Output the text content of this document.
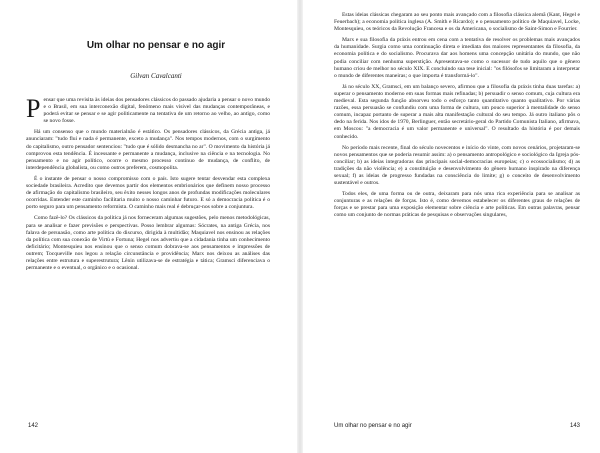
Um olhar no pensar e no agir
Gilvan Cavalcanti

Pensar que uma revisita às ideias dos pensadores clássicos do passado ajudaria a pensar o novo mundo e o Brasil, em sua interconexão digital, fenômeno mais visível das mudanças contemporâneas, e poderá evitar se pensar e se agir politicamente na tentativa de um retorno ao velho, ao antigo, como se novo fosse.

Há um consenso que o mundo materialnão é estático. Os pensadores clássicos, da Grécia antiga, já anunciaram: "tudo flui e nada é permanente, exceto a mudança". Nos tempos modernos, com o surgimento do capitalismo, outro pensador sentenciou: "tudo que é sólido desmancha no ar". O movimento da história já comprovou esta tendência. É incessante e permanente a mudança, inclusive na ciência e na tecnologia. No pensamento e no agir político, ocorre o mesmo processo contínuo de mudança, de conflito, de interdependência globalista, ou como outros preferem, cosmopolita.

É o instante de pensar o nosso compromisso com o país. Isto sugere tentar desvendar esta complexa sociedade brasileira. Acredito que devemos partir dos elementos embrionários que definem nosso processo de afirmação do capitalismo brasileiro, seu êxito nesses longos anos de profundas modificações moleculares ocorridas. Entender este caminho facilitaria muito o nosso caminhar futuro. E só a democracia política é o porto seguro para um pensamento reformista. O caminho mais real é debruçar-nos sobre a conjuntura.

Como fazê-lo? Os clássicos da política já nos forneceram algumas sugestões, pelo menos metodológicas, para se analisar e fazer previsões e perspectivas. Posso lembrar algumas: Sócrates, na antiga Grécia, nos falava de persuasão, como arte política do discurso, dirigida à multidão; Maquiavel nos ensinou as relações da política com sua conexão de Virtù e Fortuna; Hegel nos advertiu que a cidadania tinha um conhecimento deficitário; Montesquieu nos ensinou que o senso comum dobrava-se aos pensamentos e impressões de outrem; Tocqueville nos legou a relação circunstância e providência; Marx nos deixou as análises das relações entre estrutura e superestrutura; Lênin utilizava-se de estratégia e tática; Gramsci diferenciava o permanente e o eventual, o orgânico e o ocasional.

142

Estas ideias clássicas chegaram ao seu ponto mais avançado com a filosofia clássica alemã (Kant, Hegel e Feuerbach); a economia política inglesa (A. Smith e Ricardo); e o pensamento político de Maquiavel, Locke, Montesquieu, os teóricos da Revolução Francesa e os da Americana, o socialismo de Saint-Simon e Fourrier.

Marx e sua filosofia da práxis entrou em cena com a tentativa de resolver os problemas mais avançados da humanidade. Surgia como uma continuação direta e imediata dos maiores representantes da filosofia, da economia política e do socialismo. Procurava dar aos homens uma concepção unitária do mundo, que não podia conciliar com nenhuma superstição. Apresentava-se como o sucessor de tudo aquilo que o gênero humano criou de melhor no século XIX. E concluindo sua tese inicial: "os filósofos se limitaram a interpretar o mundo de diferentes maneiras; o que importa é transformá-lo".

Já no século XX, Gramsci, em um balanço severo, afirmou que a filosofia da práxis tinha duas tarefas: a) superar o pensamento moderno em suas formas mais refinadas; b) persuadir o senso comum, cuja cultura era medieval. Esta segunda função absorveu todo o esforço tanto quantitativo quanto qualitativo. Por várias razões, essa persuasão se confundiu com uma forma de cultura, um pouco superior à mentalidade do senso comum, incapaz portanto de superar a mais alta manifestação cultural do seu tempo. Já outro italiano pôs o dedo na ferida. Nos idos de 1970, Berlinguer, então secretário-geral do Partido Comunista Italiano, afirmava, em Moscou: "a democracia é um valor permanente e universal". O resultado da história é por demais conhecido.

No período mais recente, final do século novecentos e início do vinte, com novos cenários, projetaram-se novos pensamentos que se poderia resumir assim: a) o pensamento antropológico e sociológico da Igreja pós-conciliar; b) as ideias integradoras das principais social-democracias europeias; c) o ecossocialismo; d) as tradições da não violência; e) a constituição e desenvolvimento do gênero humano inspirado na diferença sexual; f) as ideias de progresso fundadas na consciência do limite; g) o conceito de desenvolvimento sustentável e outros.

Todos eles, de uma forma ou de outra, deixaram para nós uma rica experiência para se analisar as conjunturas e as relações de forças. Isto é, como devemos estabelecer os diferentes graus de relações de forças e se prestar para uma exposição elementar sobre ciência e arte políticas. Em outras palavras, pensar como um conjunto de normas práticas de pesquisas e observações singulares,

Um olhar no pensar e no agir	143
